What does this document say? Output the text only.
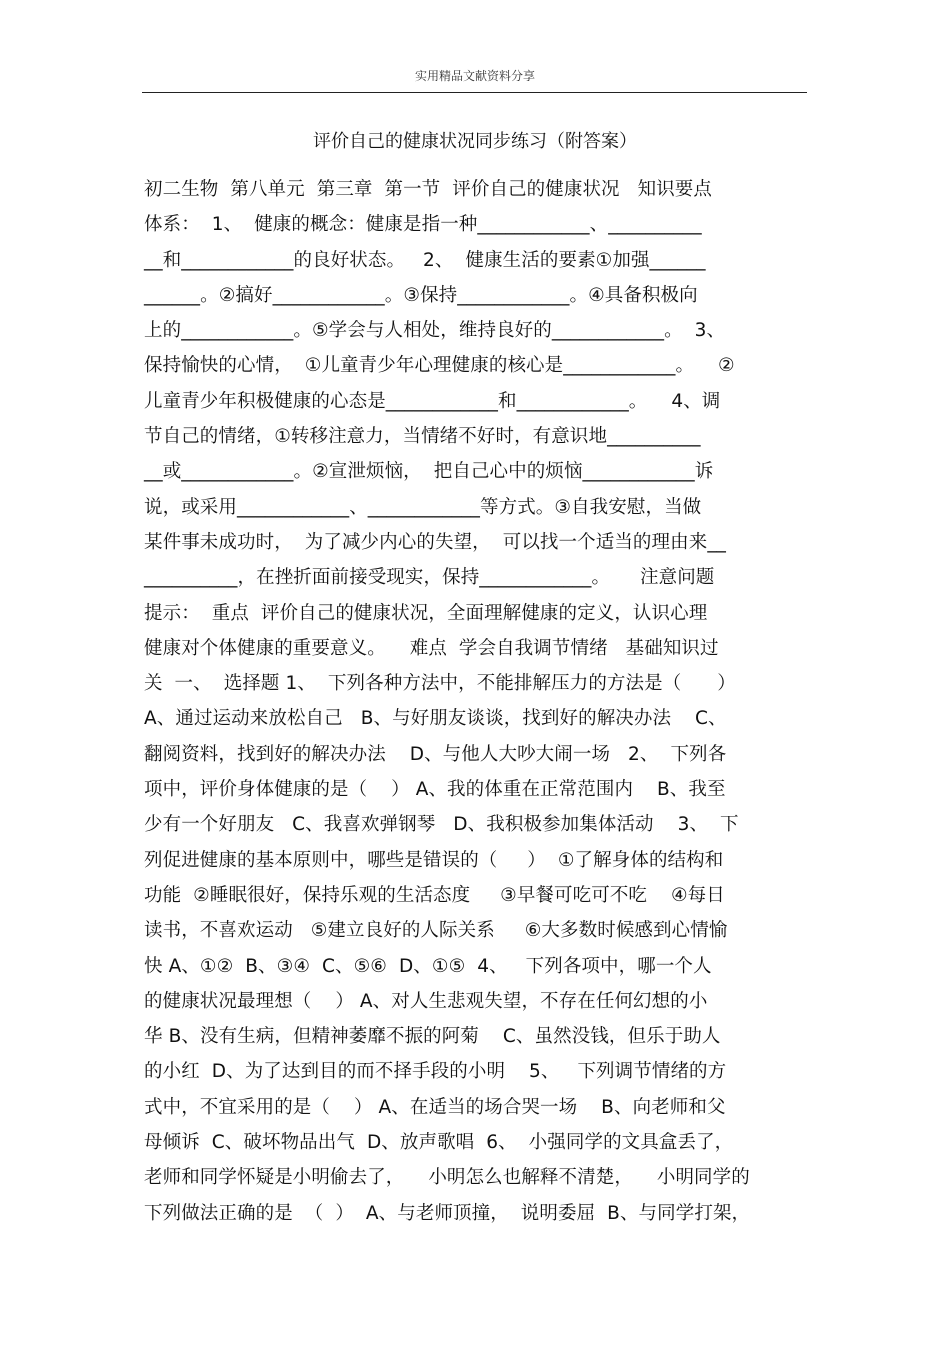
实用精品文献资料分享
评价自己的健康状况同步练习（附答案）
初二生物  第八单元  第三章  第一节  评价自己的健康状况   知识要点
体系：  1、  健康的概念：健康是指一种____________、__________
__和____________的良好状态。   2、  健康生活的要素①加强______
______。②搞好____________。③保持____________。④具备积极向
上的____________。⑤学会与人相处，维持良好的____________。  3、
保持愉快的心情，  ①儿童青少年心理健康的核心是____________。    ②
儿童青少年积极健康的心态是____________和____________。    4、调
节自己的情绪，①转移注意力，当情绪不好时，有意识地__________
__或____________。②宣泄烦恼，  把自己心中的烦恼____________诉
说，或采用____________、____________等方式。③自我安慰，当做
某件事未成功时，  为了减少内心的失望，  可以找一个适当的理由来__
__________，在挫折面前接受现实，保持____________。     注意问题
提示：  重点  评价自己的健康状况，全面理解健康的定义，认识心理
健康对个体健康的重要意义。    难点  学会自我调节情绪   基础知识过
关  一、  选择题 1、  下列各种方法中，不能排解压力的方法是（      ）
A、通过运动来放松自己   B、与好朋友谈谈，找到好的解决办法    C、
翻阅资料，找到好的解决办法    D、与他人大吵大闹一场   2、  下列各
项中，评价身体健康的是（    ） A、我的体重在正常范围内    B、我至
少有一个好朋友   C、我喜欢弹钢琴   D、我积极参加集体活动    3、  下
列促进健康的基本原则中，哪些是错误的（     ）  ①了解身体的结构和
功能  ②睡眠很好，保持乐观的生活态度     ③早餐可吃可不吃    ④每日
读书，不喜欢运动   ⑤建立良好的人际关系     ⑥大多数时候感到心情愉
快 A、①②  B、③④  C、⑤⑥  D、①⑤  4、   下列各项中，哪一个人
的健康状况最理想（    ） A、对人生悲观失望，不存在任何幻想的小
华 B、没有生病，但精神萎靡不振的阿菊    C、虽然没钱，但乐于助人
的小红  D、为了达到目的而不择手段的小明    5、   下列调节情绪的方
式中，不宜采用的是（    ） A、在适当的场合哭一场    B、向老师和父
母倾诉  C、破坏物品出气  D、放声歌唱  6、  小强同学的文具盒丢了，
老师和同学怀疑是小明偷去了，    小明怎么也解释不清楚，    小明同学的
下列做法正确的是  （  ）  A、与老师顶撞，  说明委屈  B、与同学打架，
